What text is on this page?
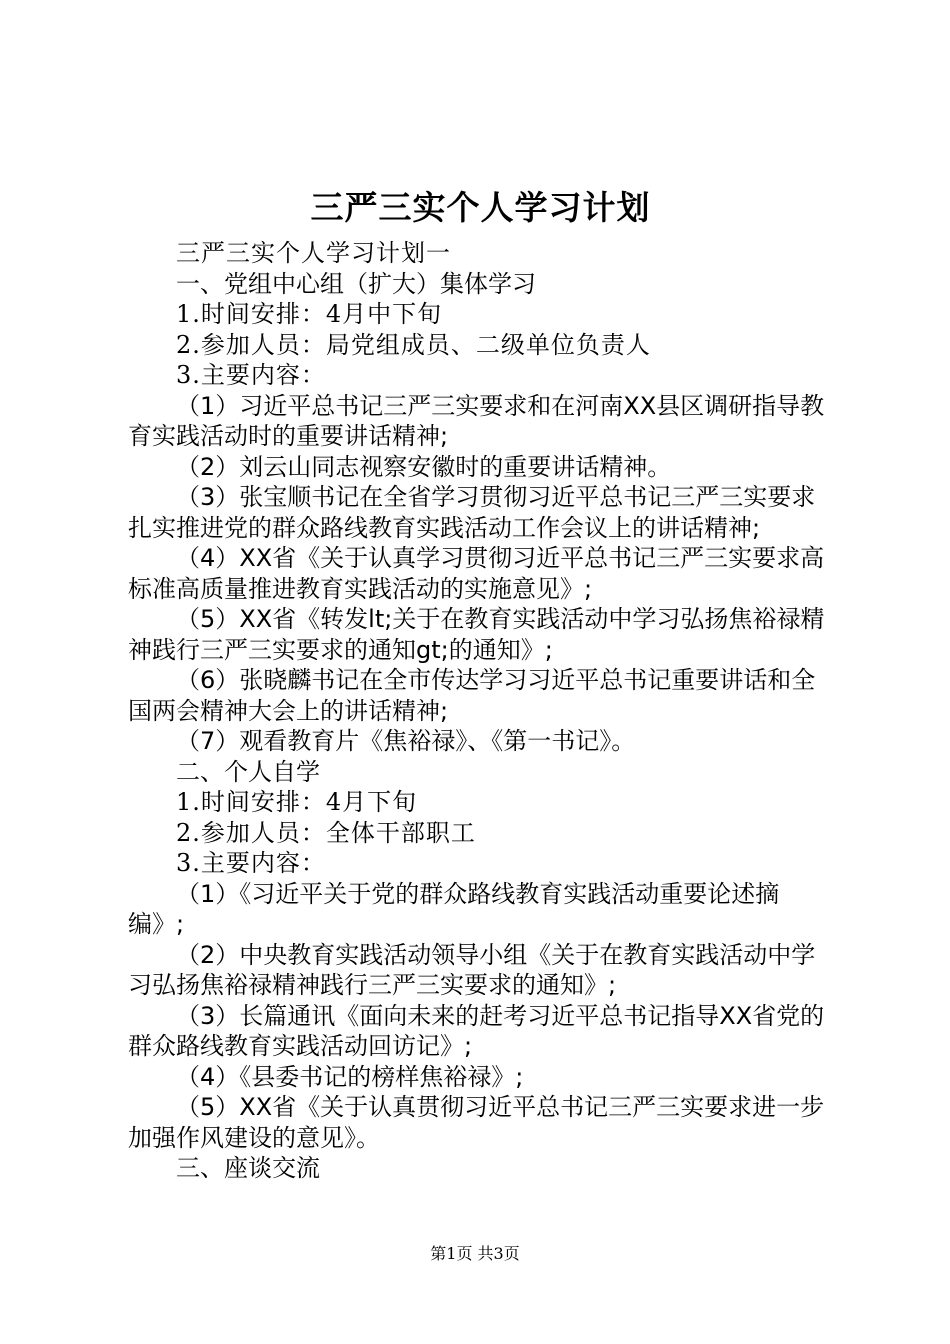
三严三实个人学习计划

三严三实个人学习计划一

一、党组中心组（扩大）集体学习

1.时间安排：4月中下旬

2.参加人员：局党组成员、二级单位负责人

3.主要内容：

（1）习近平总书记三严三实要求和在河南XX县区调研指导教育实践活动时的重要讲话精神;

（2）刘云山同志视察安徽时的重要讲话精神。

（3）张宝顺书记在全省学习贯彻习近平总书记三严三实要求扎实推进党的群众路线教育实践活动工作会议上的讲话精神;

（4）XX省《关于认真学习贯彻习近平总书记三严三实要求高标准高质量推进教育实践活动的实施意见》;

（5）XX省《转发lt;关于在教育实践活动中学习弘扬焦裕禄精神践行三严三实要求的通知gt;的通知》;

（6）张晓麟书记在全市传达学习习近平总书记重要讲话和全国两会精神大会上的讲话精神;

（7）观看教育片《焦裕禄》、《第一书记》。

二、个人自学

1.时间安排：4月下旬

2.参加人员：全体干部职工

3.主要内容：

（1）《习近平关于党的群众路线教育实践活动重要论述摘编》;

（2）中央教育实践活动领导小组《关于在教育实践活动中学习弘扬焦裕禄精神践行三严三实要求的通知》;

（3）长篇通讯《面向未来的赶考习近平总书记指导XX省党的群众路线教育实践活动回访记》;

（4）《县委书记的榜样焦裕禄》;

（5）XX省《关于认真贯彻习近平总书记三严三实要求进一步加强作风建设的意见》。

三、座谈交流

第1页 共3页
